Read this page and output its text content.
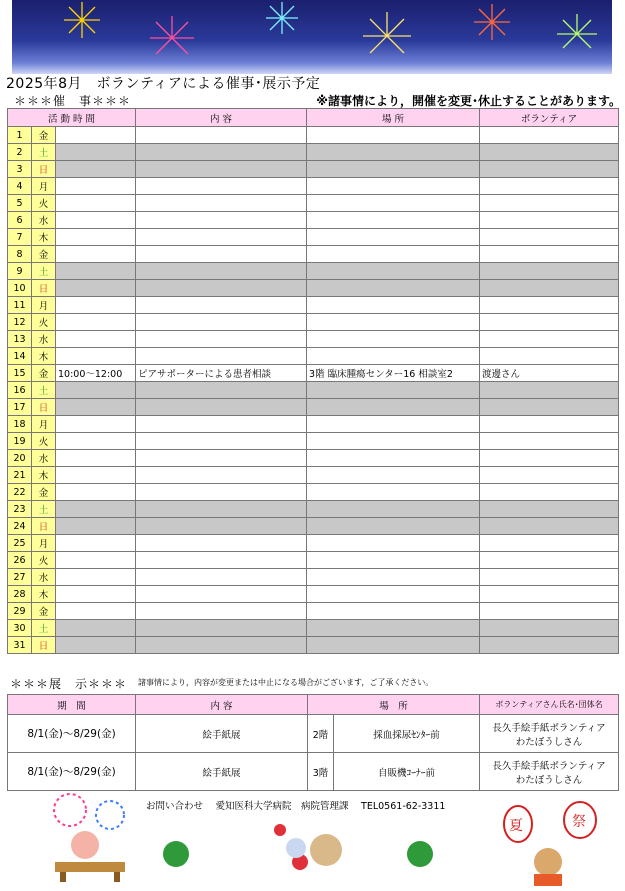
2025年8月　ボランティアによる催事･展示予定
＊＊＊催　事＊＊＊	※諸事情により，開催を変更･休止することがあります。
活 動 時 間			内 容	場 所	ボランティア
1	金				
2	土				
3	日				
4	月				
5	火				
6	水				
7	木				
8	金				
9	土				
10	日				
11	月				
12	火				
13	水				
14	木				
15	金	10:00～12:00	ピアサポーターによる患者相談	3階 臨床腫瘍センター16 相談室2	渡邊さん
16	土				
17	日				
18	月				
19	火				
20	水				
21	木				
22	金				
23	土				
24	日				
25	月				
26	火				
27	水				
28	木				
29	金				
30	土				
31	日				
＊＊＊展　示＊＊＊ 諸事情により，内容が変更または中止になる場合がございます，ご了承ください。
期　間	内 容	場　所		ボランティアさん氏名･団体名
8/1(金)～8/29(金)	絵手紙展	2階	採血採尿ｾﾝﾀｰ前	長久手絵手紙ボランティア
わたぼうしさん

8/1(金)～8/29(金)	絵手紙展	3階	自販機ｺｰﾅｰ前	長久手絵手紙ボランティア
わたぼうしさん
お問い合わせ　 愛知医科大学病院　病院管理課　 TEL0561-62-3311
夏	祭
